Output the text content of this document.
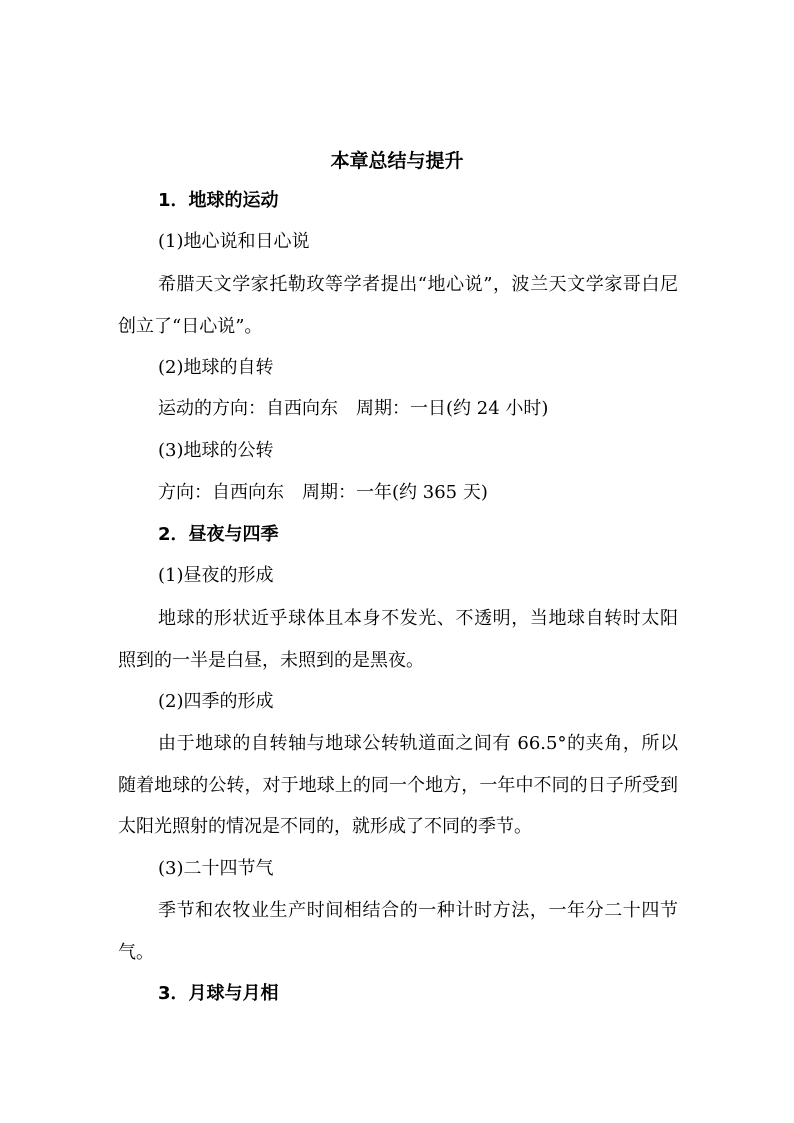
本章总结与提升
1．地球的运动
(1)地心说和日心说
希腊天文学家托勒玫等学者提出“地心说”，波兰天文学家哥白尼创立了“日心说”。
(2)地球的自转
运动的方向：自西向东　周期：一日(约 24 小时)
(3)地球的公转
方向：自西向东　周期：一年(约 365 天)
2．昼夜与四季
(1)昼夜的形成
地球的形状近乎球体且本身不发光、不透明，当地球自转时太阳照到的一半是白昼，未照到的是黑夜。
(2)四季的形成
由于地球的自转轴与地球公转轨道面之间有 66.5°的夹角，所以随着地球的公转，对于地球上的同一个地方，一年中不同的日子所受到太阳光照射的情况是不同的，就形成了不同的季节。
(3)二十四节气
季节和农牧业生产时间相结合的一种计时方法，一年分二十四节气。
3．月球与月相
